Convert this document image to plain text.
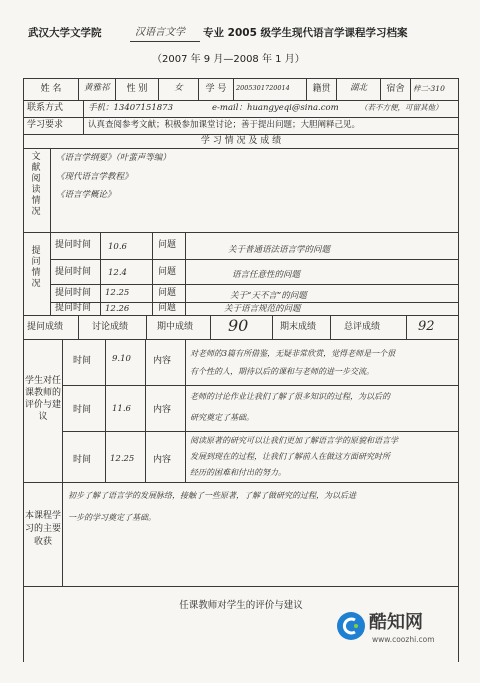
武汉大学文学院	汉语言文学 专业 2005 级学生现代语言学课程学习档案
（2007 年 9 月—2008 年 1 月）
姓 名	黄雅祁	性 别	女	学 号	2005301720014	籍贯	湖北	宿舍	梓二-310
联系方式	手机：13407151873	e-mail：huangyeqi@sina.com	（若不方便，可留其他）
学习要求	认真查阅参考文献；积极参加课堂讨论；善于提出问题；大胆阐释己见。
学 习 情 况 及 成 绩
文献阅读情况
《语言学纲要》（叶蜚声等编）
《现代语言学教程》
《语言学概论》
提问情况
提问时间 10.6	问题	关于普通语法语言学的问题
提问时间 12.4	问题	语言任意性的问题
提问时间 12.25	问题	关于“天不言”的问题
提问时间 12.26	问题	关于语言规范的问题
提问成绩	讨论成绩	期中成绩 90	期末成绩	总评成绩	92
学生对任课教师的评价与建议
时间 9.10 内容
对老师的3篇有所借鉴，无疑非常欣赏，觉得老师是一个很
有个性的人，期待以后的课和与老师的进一步交流。
时间 11.6 内容
老师的讨论作业让我们了解了很多知识的过程，为以后的
研究奠定了基础。
时间 12.25 内容
阅读原著的研究可以让我们更加了解语言学的原貌和语言学
发展到现在的过程，让我们了解前人在做这方面研究时所
经历的困难和付出的努力。
本课程学习的主要收获
初步了解了语言学的发展脉络，接触了一些原著，了解了做研究的过程，为以后进
一步的学习奠定了基础。
任课教师对学生的评价与建议
酷知网
www.coozhi.com
